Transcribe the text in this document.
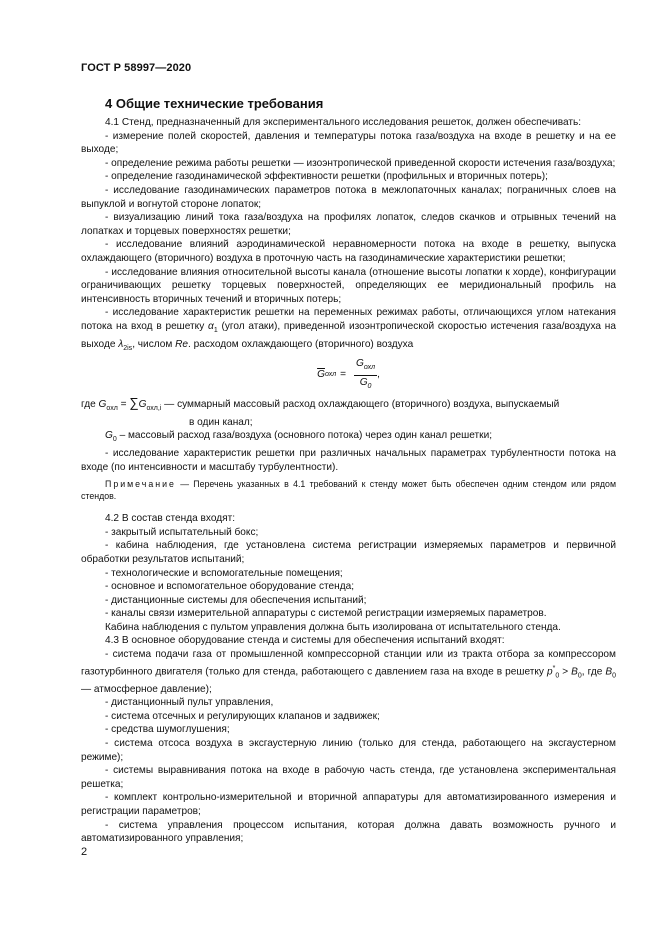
ГОСТ Р 58997—2020
4 Общие технические требования

4.1 Стенд, предназначенный для экспериментального исследования решеток, должен обеспечивать:

- измерение полей скоростей, давления и температуры потока газа/воздуха на входе в решетку и на ее выходе;

- определение режима работы решетки — изоэнтропической приведенной скорости истечения газа/воздуха;

- определение газодинамической эффективности решетки (профильных и вторичных потерь);

- исследование газодинамических параметров потока в межлопаточных каналах; пограничных слоев на выпуклой и вогнутой стороне лопаток;

- визуализацию линий тока газа/воздуха на профилях лопаток, следов скачков и отрывных течений на лопатках и торцевых поверхностях решетки;

- исследование влияний аэродинамической неравномерности потока на входе в решетку, выпуска охлаждающего (вторичного) воздуха в проточную часть на газодинамические характеристики решетки;

- исследование влияния относительной высоты канала (отношение высоты лопатки к хорде), конфигурации ограничивающих решетку торцевых поверхностей, определяющих ее меридиональный профиль на интенсивность вторичных течений и вторичных потерь;

- исследование характеристик решетки на переменных режимах работы, отличающихся углом натекания потока на вход в решетку $\alpha_1$ (угол атаки), приведенной изоэнтропической скоростью истечения газа/воздуха на выходе $\lambda_{2is}$, числом Re. расходом охлаждающего (вторичного) воздуха

$\overline{G}$ охл = $\frac{G_{охл}}{G_0}$ ,

где $G_{охл} = \sum G_{охл,i}$ — суммарный массовый расход охлаждающего (вторичного) воздуха, выпускаемый

в один канал;

$G_0$ – массовый расход газа/воздуха (основного потока) через один канал решетки;

- исследование характеристик решетки при различных начальных параметрах турбулентности потока на входе (по интенсивности и масштабу турбулентности).

Примечание — Перечень указанных в 4.1 требований к стенду может быть обеспечен одним стендом или рядом стендов.

4.2 В состав стенда входят:

- закрытый испытательный бокс;

- кабина наблюдения, где установлена система регистрации измеряемых параметров и первичной обработки результатов испытаний;

- технологические и вспомогательные помещения;

- основное и вспомогательное оборудование стенда;

- дистанционные системы для обеспечения испытаний;

- каналы связи измерительной аппаратуры с системой регистрации измеряемых параметров.

Кабина наблюдения с пультом управления должна быть изолирована от испытательного стенда.

4.3 В основное оборудование стенда и системы для обеспечения испытаний входят:

- система подачи газа от промышленной компрессорной станции или из тракта отбора за компрессором газотурбинного двигателя (только для стенда, работающего с давлением газа на входе в решетку $p^*_0 > B_0$, где $B_0$ — атмосферное давление);

- дистанционный пульт управления,

- система отсечных и регулирующих клапанов и задвижек;

- средства шумоглушения;

- система отсоса воздуха в эксгаустерную линию (только для стенда, работающего на эксгаустерном режиме);

- системы выравнивания потока на входе в рабочую часть стенда, где установлена экспериментальная решетка;

- комплект контрольно-измерительной и вторичной аппаратуры для автоматизированного измерения и регистрации параметров;

- система управления процессом испытания, которая должна давать возможность ручного и автоматизированного управления;

2
